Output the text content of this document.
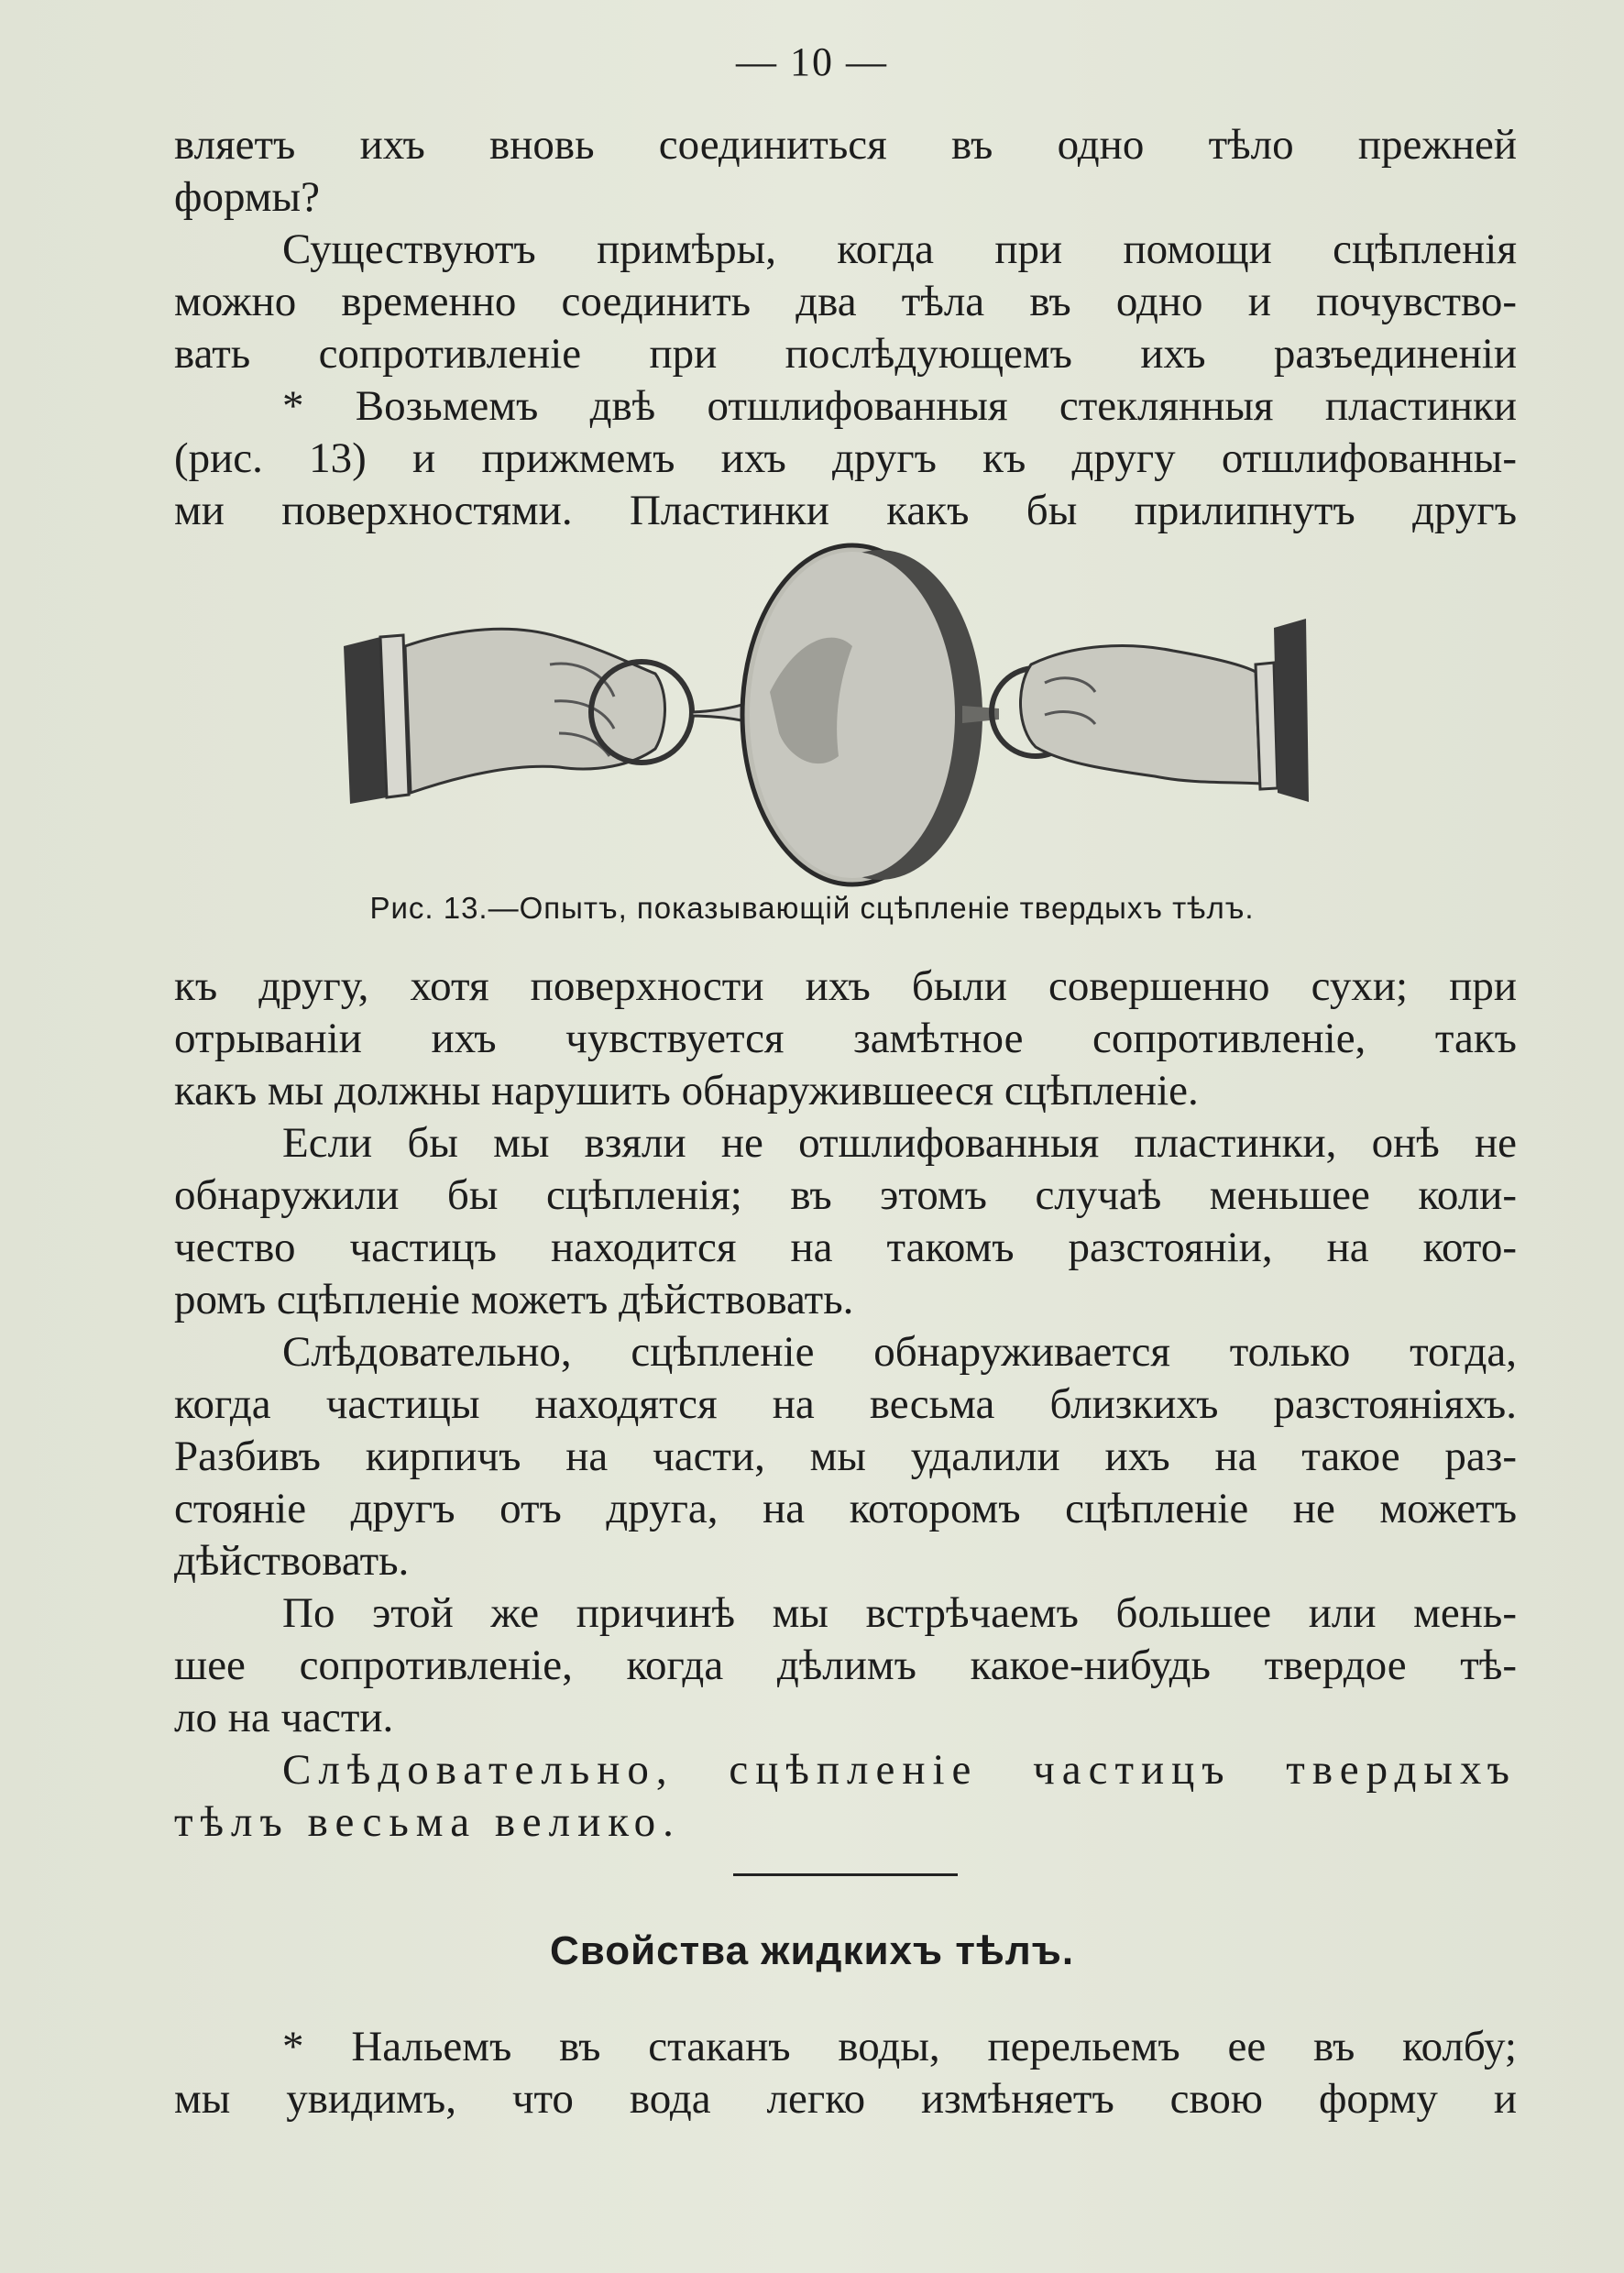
— 10 —
вляетъ ихъ вновь соединиться въ одно тѣло прежней
формы?
Существуютъ примѣры, когда при помощи сцѣпленія
можно временно соединить два тѣла въ одно и почувство-
вать сопротивленіе при послѣдующемъ ихъ разъединеніи
* Возьмемъ двѣ отшлифованныя стеклянныя пластинки
(рис. 13) и прижмемъ ихъ другъ къ другу отшлифованны-
ми поверхностями. Пластинки какъ бы прилипнутъ другъ
Рис. 13.—Опытъ, показывающій сцѣпленіе твердыхъ тѣлъ.
къ другу, хотя поверхности ихъ были совершенно сухи; при
отрываніи ихъ чувствуется замѣтное сопротивленіе, такъ
какъ мы должны нарушить обнаружившееся сцѣпленіе.
Если бы мы взяли не отшлифованныя пластинки, онѣ не
обнаружили бы сцѣпленія; въ этомъ случаѣ меньшее коли-
чество частицъ находится на такомъ разстояніи, на кото-
ромъ сцѣпленіе можетъ дѣйствовать.
Слѣдовательно, сцѣпленіе обнаруживается только тогда,
когда частицы находятся на весьма близкихъ разстояніяхъ.
Разбивъ кирпичъ на части, мы удалили ихъ на такое раз-
стояніе другъ отъ друга, на которомъ сцѣпленіе не можетъ
дѣйствовать.
По этой же причинѣ мы встрѣчаемъ большее или мень-
шее сопротивленіе, когда дѣлимъ какое-нибудь твердое тѣ-
ло на части.
Слѣдовательно, сцѣпленіе частицъ твердыхъ
тѣлъ весьма велико.
Свойства жидкихъ тѣлъ.
* Нальемъ въ стаканъ воды, перельемъ ее въ колбу;
мы увидимъ, что вода легко измѣняетъ свою форму и
